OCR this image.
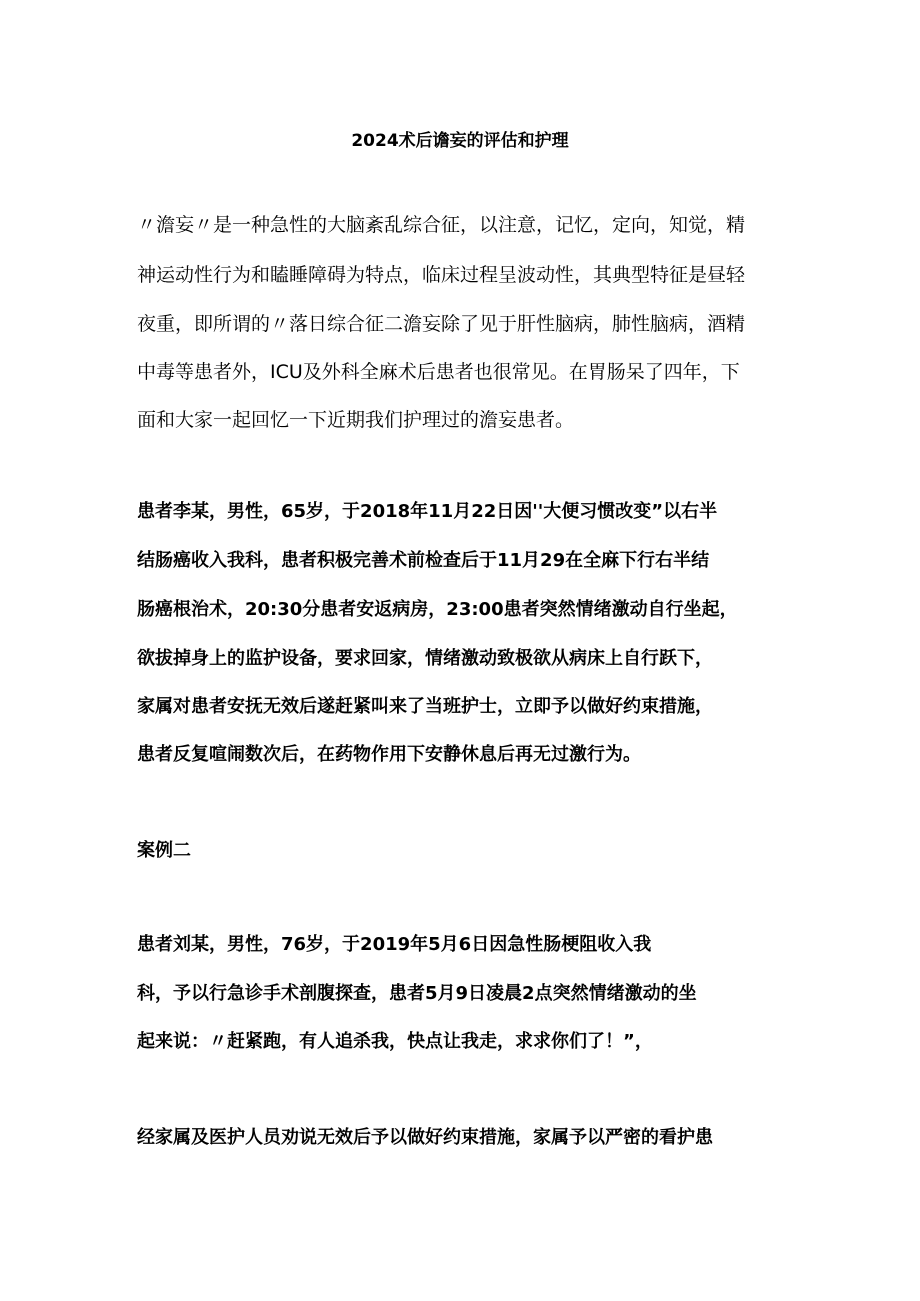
2024术后谵妄的评估和护理
〃澹妄〃是一种急性的大脑紊乱综合征，以注意，记忆，定向，知觉，精
神运动性行为和瞌睡障碍为特点，临床过程呈波动性，其典型特征是昼轻
夜重，即所谓的〃落日综合征二澹妄除了见于肝性脑病，肺性脑病，酒精
中毒等患者外，ICU及外科全麻术后患者也很常见。在胃肠呆了四年，下
面和大家一起回忆一下近期我们护理过的澹妄患者。
患者李某，男性，65岁，于2018年11月22日因''大便习惯改变”以右半
结肠癌收入我科，患者积极完善术前检查后于11月29在全麻下行右半结
肠癌根治术，20:30分患者安返病房，23:00患者突然情绪激动自行坐起，
欲拔掉身上的监护设备，要求回家，情绪激动致极欲从病床上自行跃下，
家属对患者安抚无效后遂赶紧叫来了当班护士，立即予以做好约束措施，
患者反复喧闹数次后，在药物作用下安静休息后再无过激行为。
案例二
患者刘某，男性，76岁，于2019年5月6日因急性肠梗阻收入我
科，予以行急诊手术剖腹探查，患者5月9日凌晨2点突然情绪激动的坐
起来说：〃赶紧跑，有人追杀我，快点让我走，求求你们了！”，
经家属及医护人员劝说无效后予以做好约束措施，家属予以严密的看护患
